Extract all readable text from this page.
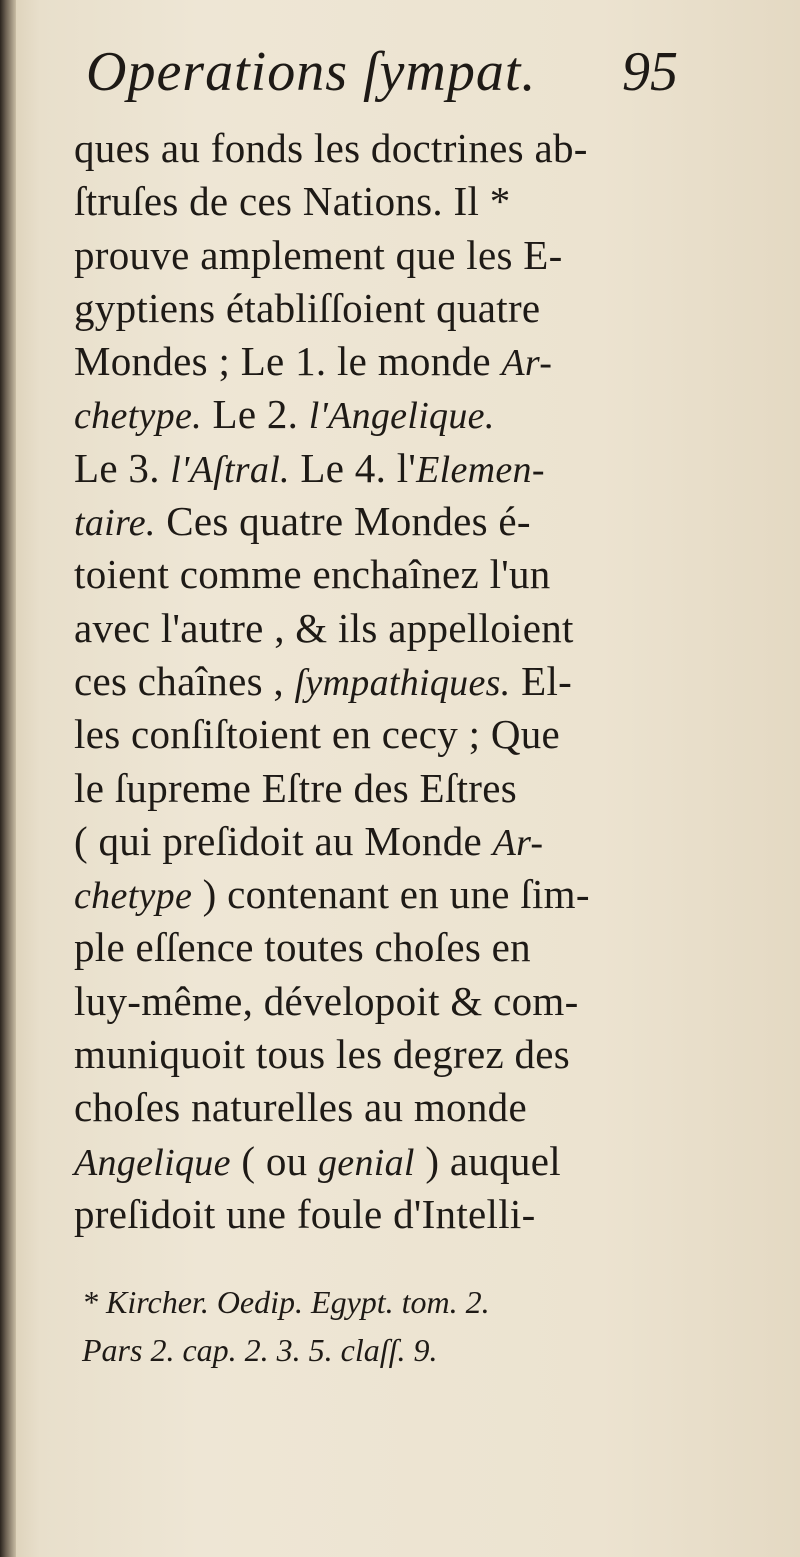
Operations ſympat. 95
ques au fonds les doctrines ab-
ſtruſes de ces Nations. Il *
prouve amplement que les E-
gyptiens établiſſoient quatre
Mondes ; Le 1. le monde Ar-
chetype. Le 2. l'Angelique.
Le 3. l'Aſtral. Le 4. l'Elemen-
taire. Ces quatre Mondes é-
toient comme enchaînez l'un
avec l'autre , & ils appelloient
ces chaînes , ſympathiques. El-
les conſiſtoient en cecy ; Que
le ſupreme Eſtre des Eſtres
( qui preſidoit au Monde Ar-
chetype ) contenant en une ſim-
ple eſſence toutes choſes en
luy-même, dévelopoit & com-
muniquoit tous les degrez des
choſes naturelles au monde
Angelique ( ou genial ) auquel
preſidoit une foule d'Intelli-
* Kircher. Oedip. Egypt. tom. 2.
Pars 2. cap. 2. 3. 5. claſſ. 9.
